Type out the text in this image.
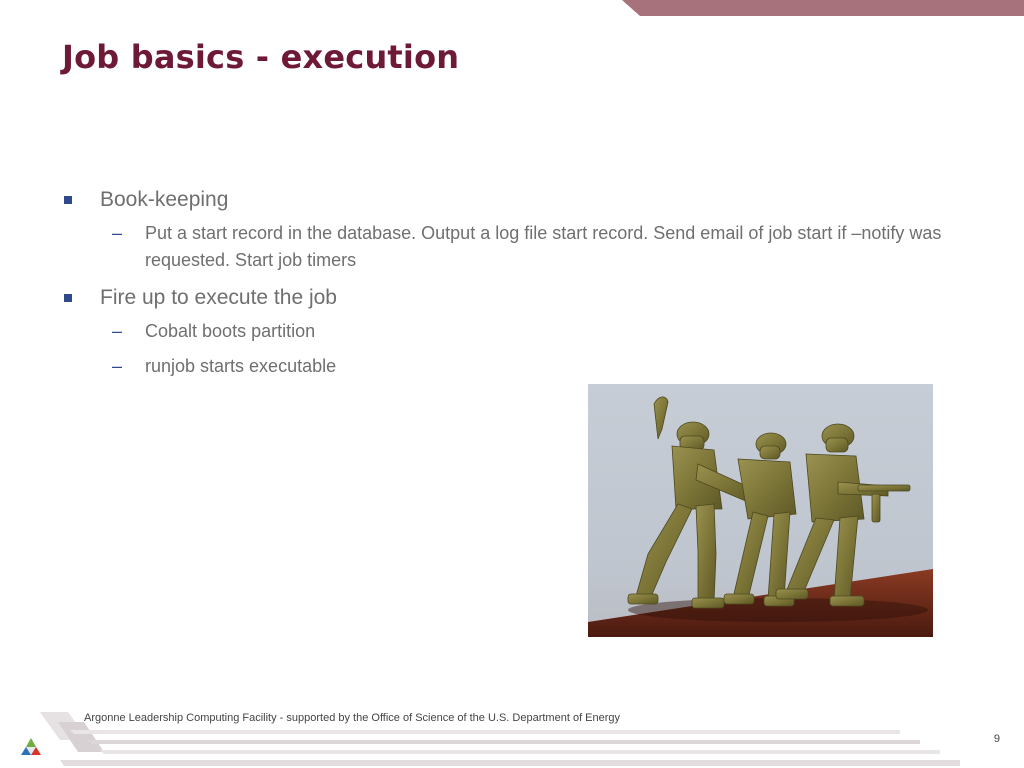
Job basics - execution
Book-keeping
– Put a start record in the database. Output a log file start record. Send email of job start if –notify was requested. Start job timers
Fire up to execute the job
– Cobalt boots partition
– runjob starts executable
Argonne Leadership Computing Facility - supported by the Office of Science of the U.S. Department of Energy
9
